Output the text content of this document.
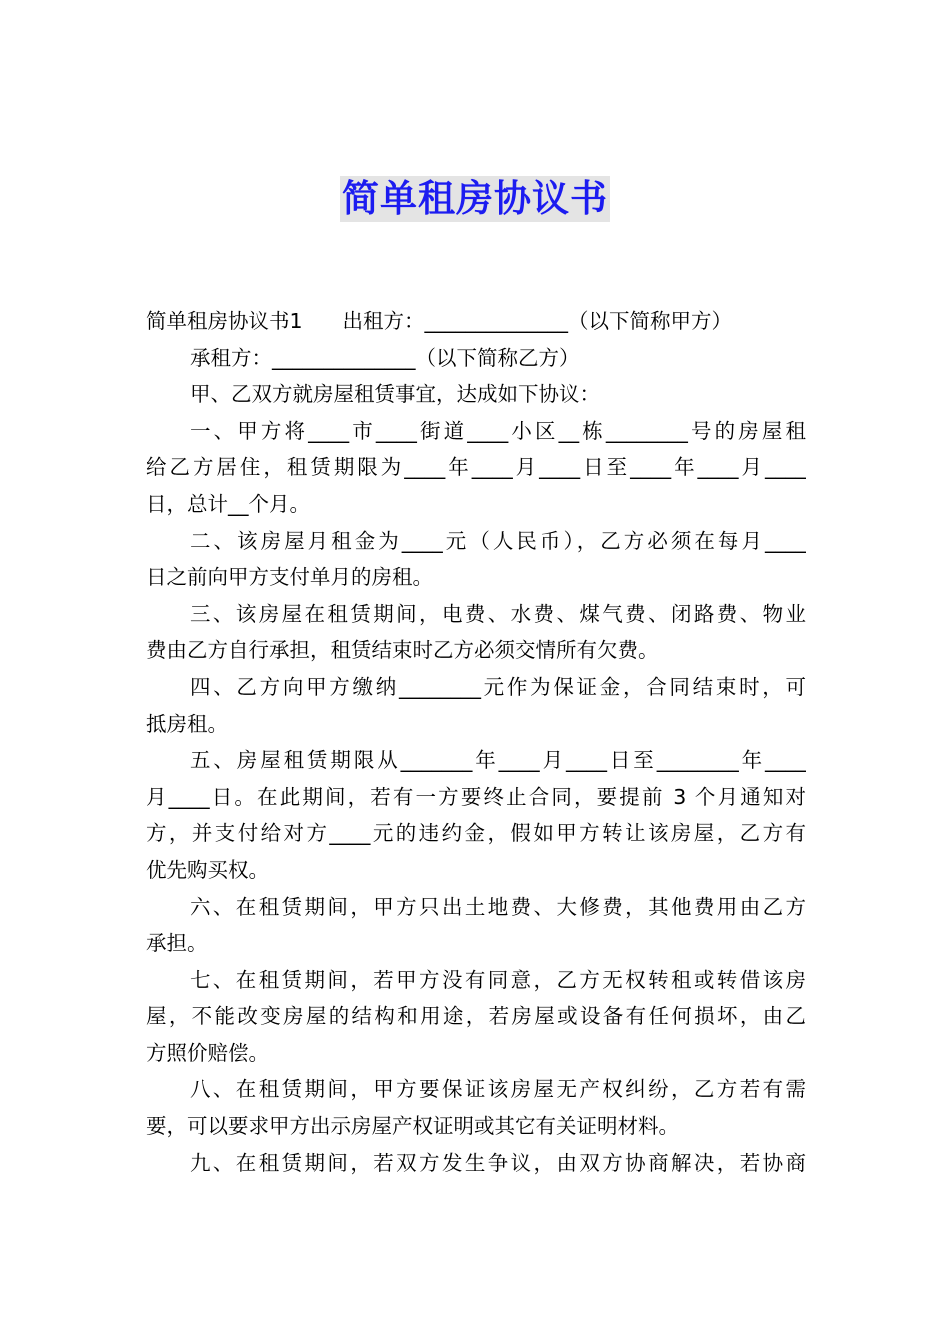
简单租房协议书
简单租房协议书1 出租方：______________（以下简称甲方）
承租方：______________（以下简称乙方）
甲、乙双方就房屋租赁事宜，达成如下协议：
一、甲方将____市____街道____小区__栋________号的房屋租
给乙方居住，租赁期限为____年____月____日至____年____月____
日，总计__个月。
二、该房屋月租金为____元（人民币），乙方必须在每月____
日之前向甲方支付单月的房租。
三、该房屋在租赁期间，电费、水费、煤气费、闭路费、物业
费由乙方自行承担，租赁结束时乙方必须交情所有欠费。
四、乙方向甲方缴纳________元作为保证金，合同结束时，可
抵房租。
五、房屋租赁期限从_______年____月____日至________年____
月____日。在此期间，若有一方要终止合同，要提前 3 个月通知对
方，并支付给对方____元的违约金，假如甲方转让该房屋，乙方有
优先购买权。
六、在租赁期间，甲方只出土地费、大修费，其他费用由乙方
承担。
七、在租赁期间，若甲方没有同意，乙方无权转租或转借该房
屋，不能改变房屋的结构和用途，若房屋或设备有任何损坏，由乙
方照价赔偿。
八、在租赁期间，甲方要保证该房屋无产权纠纷，乙方若有需
要，可以要求甲方出示房屋产权证明或其它有关证明材料。
九、在租赁期间，若双方发生争议，由双方协商解决，若协商
